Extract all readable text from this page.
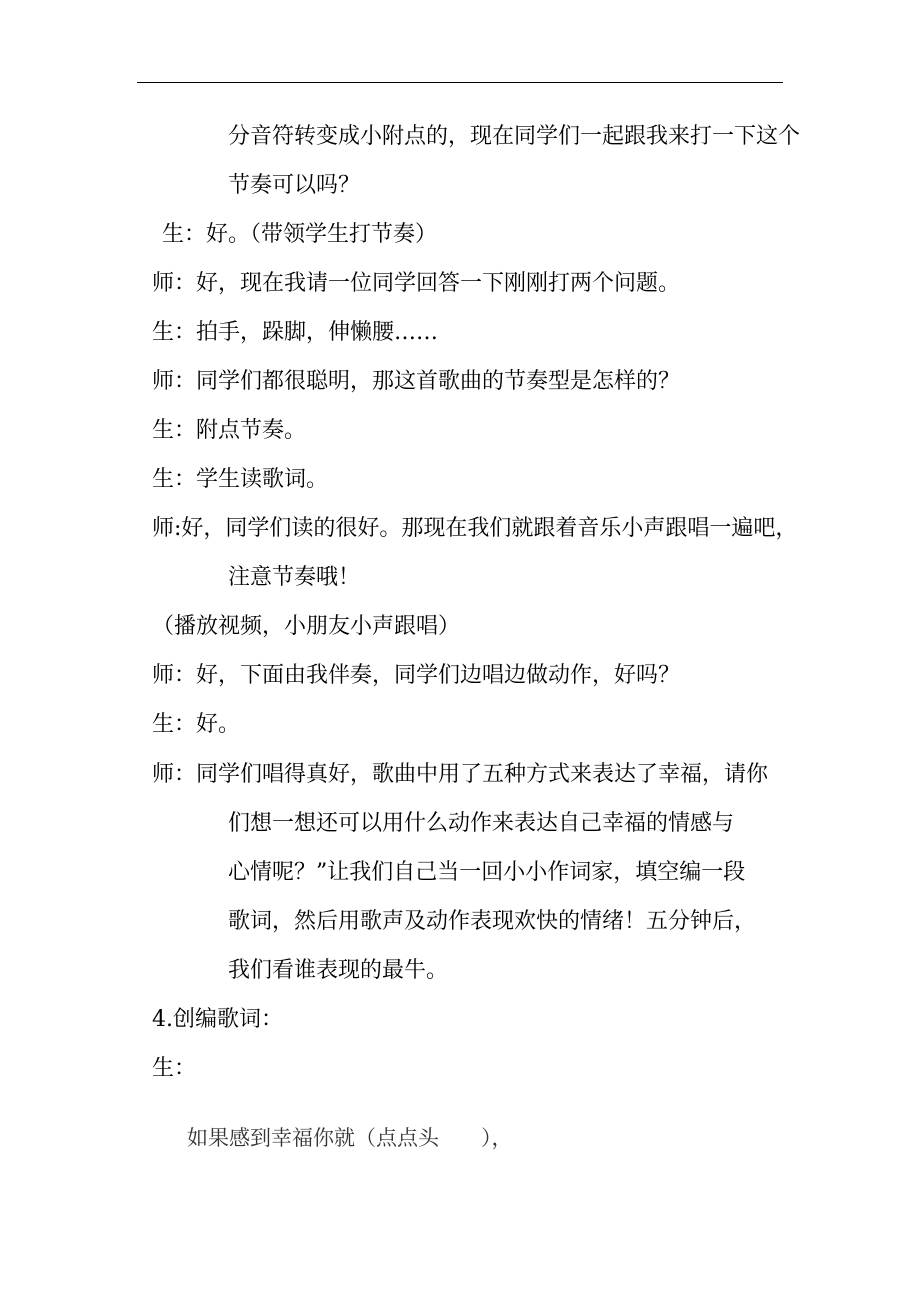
分音符转变成小附点的，现在同学们一起跟我来打一下这个
节奏可以吗？
生：好。（带领学生打节奏）
师：好，现在我请一位同学回答一下刚刚打两个问题。
生：拍手，跺脚，伸懒腰……
师：同学们都很聪明，那这首歌曲的节奏型是怎样的？
生：附点节奏。
生：学生读歌词。
师:好，同学们读的很好。那现在我们就跟着音乐小声跟唱一遍吧，
注意节奏哦！
（播放视频，小朋友小声跟唱）
师：好，下面由我伴奏，同学们边唱边做动作，好吗？
生：好。
师：同学们唱得真好，歌曲中用了五种方式来表达了幸福，请你
们想一想还可以用什么动作来表达自己幸福的情感与
心情呢？”让我们自己当一回小小作词家，填空编一段
歌词，然后用歌声及动作表现欢快的情绪！五分钟后，
我们看谁表现的最牛。
4.创编歌词：
生：
如果感到幸福你就（点点头　　），
